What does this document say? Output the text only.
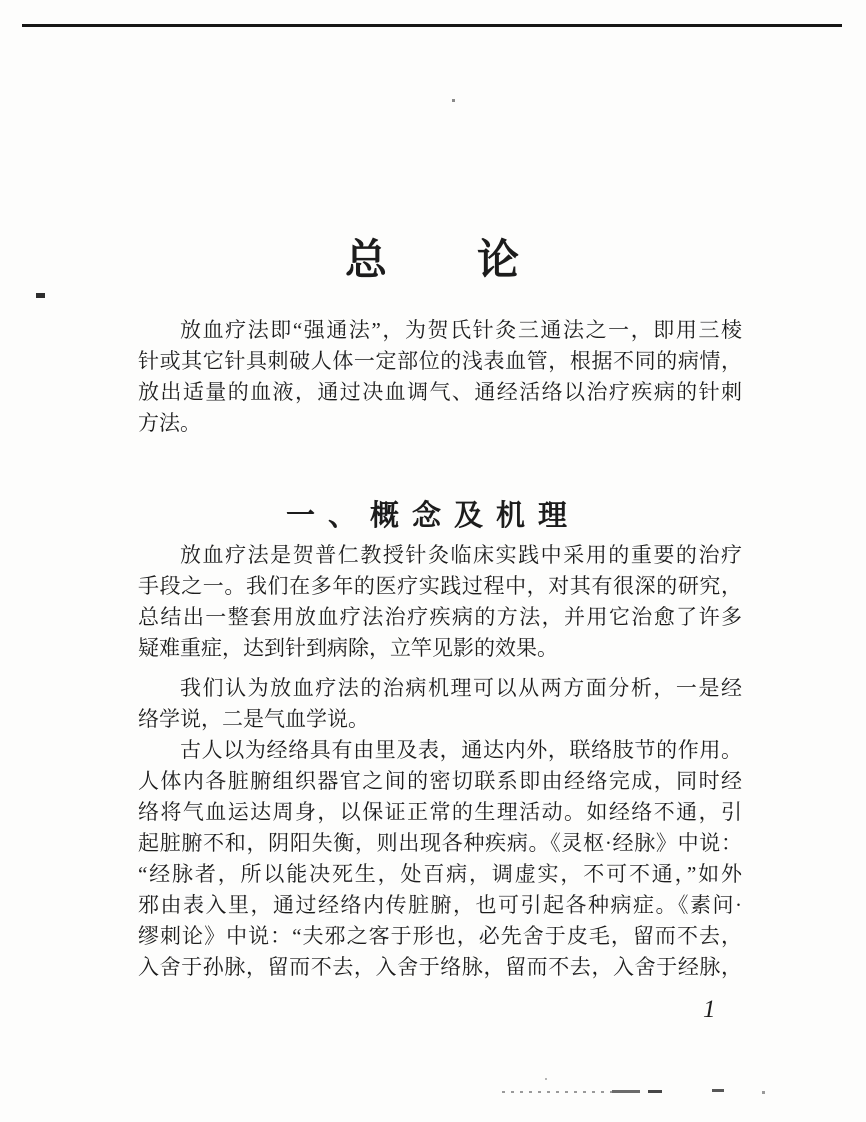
总　　论
放血疗法即“强通法”，为贺氏针灸三通法之一，即用三棱
针或其它针具刺破人体一定部位的浅表血管，根据不同的病情，
放出适量的血液，通过决血调气、通经活络以治疗疾病的针刺
方法。
一、概念及机理
放血疗法是贺普仁教授针灸临床实践中采用的重要的治疗
手段之一。我们在多年的医疗实践过程中，对其有很深的研究，
总结出一整套用放血疗法治疗疾病的方法，并用它治愈了许多
疑难重症，达到针到病除，立竿见影的效果。
我们认为放血疗法的治病机理可以从两方面分析，一是经
络学说，二是气血学说。
古人以为经络具有由里及表，通达内外，联络肢节的作用。
人体内各脏腑组织器官之间的密切联系即由经络完成，同时经
络将气血运达周身，以保证正常的生理活动。如经络不通，引
起脏腑不和，阴阳失衡，则出现各种疾病。《灵枢·经脉》中说：
“经脉者，所以能决死生，处百病，调虚实，不可不通，”如外
邪由表入里，通过经络内传脏腑，也可引起各种病症。《素问·
缪刺论》中说：“夫邪之客于形也，必先舍于皮毛，留而不去，
入舍于孙脉，留而不去，入舍于络脉，留而不去，入舍于经脉，
1
